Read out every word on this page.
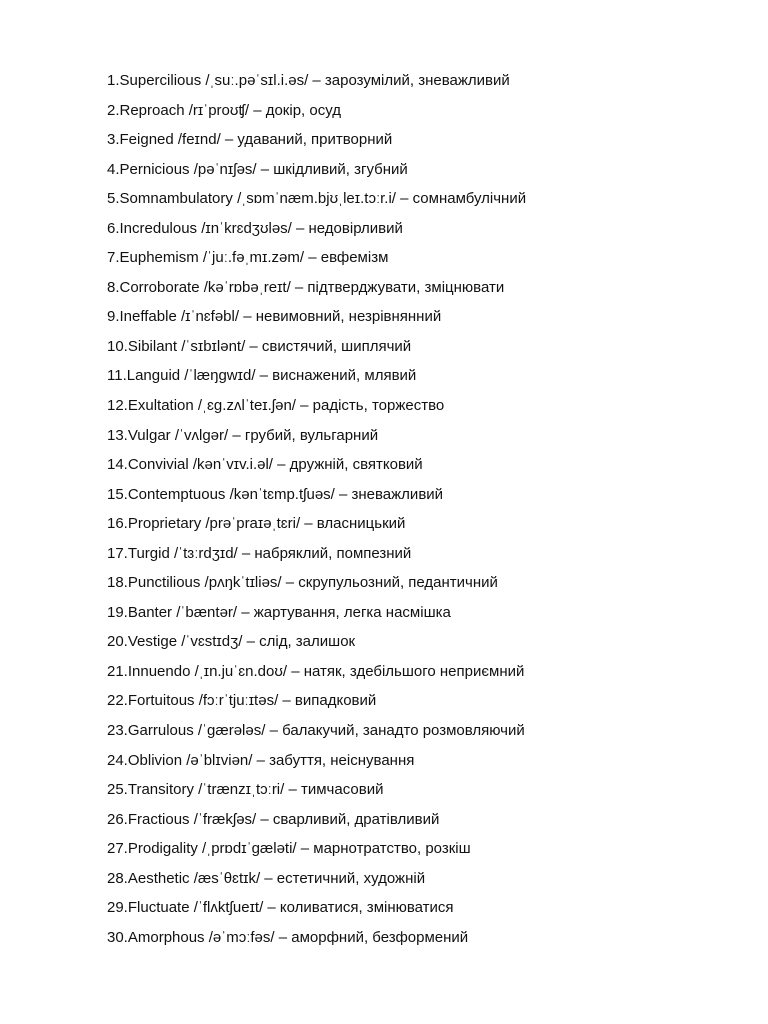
1.Supercilious /ˌsuː.pəˈsɪl.i.əs/ – зарозумілий, зневажливий
2.Reproach /rɪˈproʊʧ/ – докір, осуд
3.Feigned /feɪnd/ – удаваний, притворний
4.Pernicious /pəˈnɪʃəs/ – шкідливий, згубний
5.Somnambulatory /ˌsɒmˈnæm.bjʊˌleɪ.tɔːr.i/ – сомнамбулічний
6.Incredulous /ɪnˈkrɛdʒʊləs/ – недовірливий
7.Euphemism /ˈjuː.fəˌmɪ.zəm/ – евфемізм
8.Corroborate /kəˈrɒbəˌreɪt/ – підтверджувати, зміцнювати
9.Ineffable /ɪˈnɛfəbl/ – невимовний, незрівнянний
10.Sibilant /ˈsɪbɪlənt/ – свистячий, шиплячий
11.Languid /ˈlæŋgwɪd/ – виснажений, млявий
12.Exultation /ˌɛg.zʌlˈteɪ.ʃən/ – радість, торжество
13.Vulgar /ˈvʌlgər/ – грубий, вульгарний
14.Convivial /kənˈvɪv.i.əl/ – дружній, святковий
15.Contemptuous /kənˈtɛmp.tʃuəs/ – зневажливий
16.Proprietary /prəˈpraɪəˌtɛri/ – власницький
17.Turgid /ˈtɜːrdʒɪd/ – набряклий, помпезний
18.Punctilious /pʌŋkˈtɪliəs/ – скрупульозний, педантичний
19.Banter /ˈbæntər/ – жартування, легка насмішка
20.Vestige /ˈvɛstɪdʒ/ – слід, залишок
21.Innuendo /ˌɪn.juˈɛn.doʊ/ – натяк, здебільшого неприємний
22.Fortuitous /fɔːrˈtjuːɪtəs/ – випадковий
23.Garrulous /ˈgærələs/ – балакучий, занадто розмовляючий
24.Oblivion /əˈblɪviən/ – забуття, неіснування
25.Transitory /ˈtrænzɪˌtɔːri/ – тимчасовий
26.Fractious /ˈfrækʃəs/ – сварливий, дратівливий
27.Prodigality /ˌprɒdɪˈgæləti/ – марнотратство, розкіш
28.Aesthetic /æsˈθɛtɪk/ – естетичний, художній
29.Fluctuate /ˈflʌktʃueɪt/ – коливатися, змінюватися
30.Amorphous /əˈmɔːfəs/ – аморфний, безформений
